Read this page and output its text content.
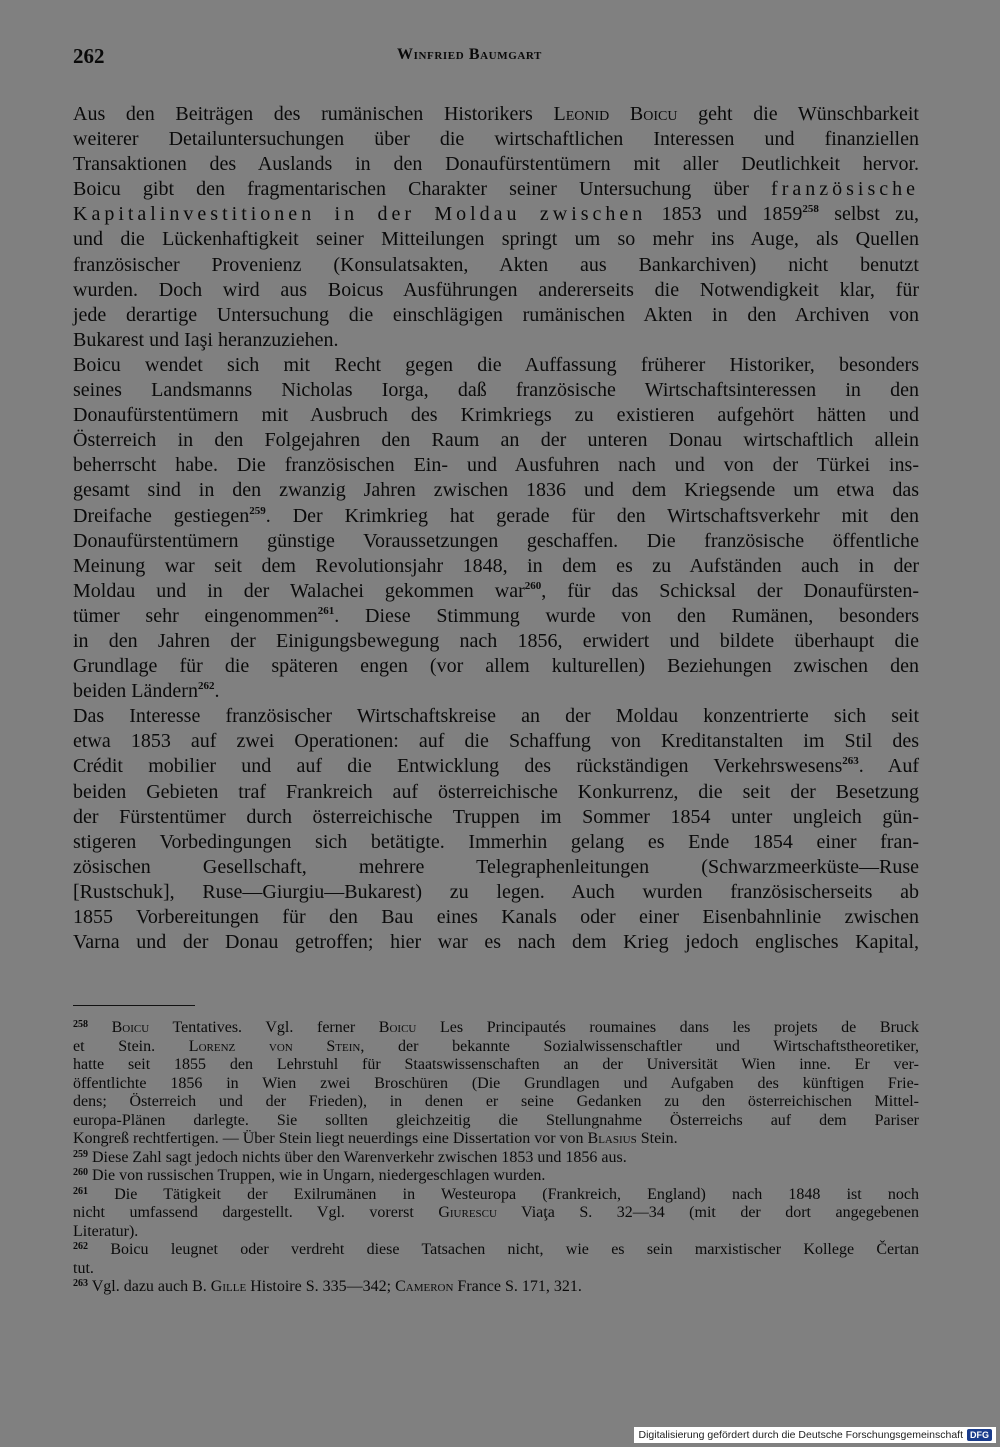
262	Winfried Baumgart
Aus den Beiträgen des rumänischen Historikers Leonid Boicu geht die Wünschbarkeit
weiterer Detailuntersuchungen über die wirtschaftlichen Interessen und finanziellen
Transaktionen des Auslands in den Donaufürstentümern mit aller Deutlichkeit hervor.
Boicu gibt den fragmentarischen Charakter seiner Untersuchung über französische
Kapitalinvestitionen in der Moldau zwischen 1853 und 1859$^{258}$ selbst zu,
und die Lückenhaftigkeit seiner Mitteilungen springt um so mehr ins Auge, als Quellen
französischer Provenienz (Konsulatsakten, Akten aus Bankarchiven) nicht benutzt
wurden. Doch wird aus Boicus Ausführungen andererseits die Notwendigkeit klar, für
jede derartige Untersuchung die einschlägigen rumänischen Akten in den Archiven von
Bukarest und Iaşi heranzuziehen.
Boicu wendet sich mit Recht gegen die Auffassung früherer Historiker, besonders
seines Landsmanns Nicholas Iorga, daß französische Wirtschaftsinteressen in den
Donaufürstentümern mit Ausbruch des Krimkriegs zu existieren aufgehört hätten und
Österreich in den Folgejahren den Raum an der unteren Donau wirtschaftlich allein
beherrscht habe. Die französischen Ein- und Ausfuhren nach und von der Türkei ins-
gesamt sind in den zwanzig Jahren zwischen 1836 und dem Kriegsende um etwa das
Dreifache gestiegen$^{259}$. Der Krimkrieg hat gerade für den Wirtschaftsverkehr mit den
Donaufürstentümern günstige Voraussetzungen geschaffen. Die französische öffentliche
Meinung war seit dem Revolutionsjahr 1848, in dem es zu Aufständen auch in der
Moldau und in der Walachei gekommen war$^{260}$, für das Schicksal der Donaufürsten-
tümer sehr eingenommen$^{261}$. Diese Stimmung wurde von den Rumänen, besonders
in den Jahren der Einigungsbewegung nach 1856, erwidert und bildete überhaupt die
Grundlage für die späteren engen (vor allem kulturellen) Beziehungen zwischen den
beiden Ländern$^{262}$.
Das Interesse französischer Wirtschaftskreise an der Moldau konzentrierte sich seit
etwa 1853 auf zwei Operationen: auf die Schaffung von Kreditanstalten im Stil des
Crédit mobilier und auf die Entwicklung des rückständigen Verkehrswesens$^{263}$. Auf
beiden Gebieten traf Frankreich auf österreichische Konkurrenz, die seit der Besetzung
der Fürstentümer durch österreichische Truppen im Sommer 1854 unter ungleich gün-
stigeren Vorbedingungen sich betätigte. Immerhin gelang es Ende 1854 einer fran-
zösischen Gesellschaft, mehrere Telegraphenleitungen (Schwarzmeerküste—Ruse
[Rustschuk], Ruse—Giurgiu—Bukarest) zu legen. Auch wurden französischerseits ab
1855 Vorbereitungen für den Bau eines Kanals oder einer Eisenbahnlinie zwischen
Varna und der Donau getroffen; hier war es nach dem Krieg jedoch englisches Kapital,
$^{258}$ Boicu Tentatives. Vgl. ferner Boicu Les Principautés roumaines dans les projets de Bruck
et Stein. Lorenz von Stein, der bekannte Sozialwissenschaftler und Wirtschaftstheoretiker,
hatte seit 1855 den Lehrstuhl für Staatswissenschaften an der Universität Wien inne. Er ver-
öffentlichte 1856 in Wien zwei Broschüren (Die Grundlagen und Aufgaben des künftigen Frie-
dens; Österreich und der Frieden), in denen er seine Gedanken zu den österreichischen Mittel-
europa-Plänen darlegte. Sie sollten gleichzeitig die Stellungnahme Österreichs auf dem Pariser
Kongreß rechtfertigen. — Über Stein liegt neuerdings eine Dissertation vor von Blasius Stein.
$^{259}$ Diese Zahl sagt jedoch nichts über den Warenverkehr zwischen 1853 und 1856 aus.
$^{260}$ Die von russischen Truppen, wie in Ungarn, niedergeschlagen wurden.
$^{261}$ Die Tätigkeit der Exilrumänen in Westeuropa (Frankreich, England) nach 1848 ist noch
nicht umfassend dargestellt. Vgl. vorerst Giurescu Viaţa S. 32—34 (mit der dort angegebenen
Literatur).
$^{262}$ Boicu leugnet oder verdreht diese Tatsachen nicht, wie es sein marxistischer Kollege Čertan
tut.
$^{263}$ Vgl. dazu auch B. Gille Histoire S. 335—342; Cameron France S. 171, 321.
Digitalisierung gefördert durch die Deutsche Forschungsgemeinschaft DFG
